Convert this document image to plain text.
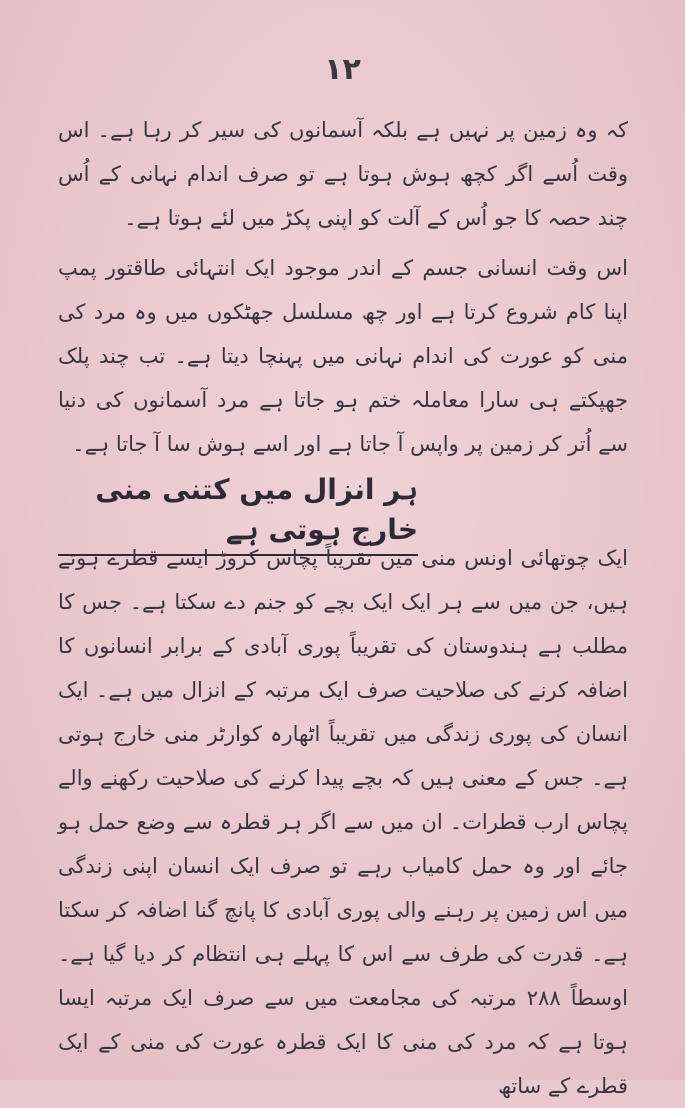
۱۲

کہ وہ زمین پر نہیں ہے بلکہ آسمانوں کی سیر کر رہا ہے۔ اس وقت اُسے اگر کچھ ہوش ہوتا ہے تو صرف اندام نہانی کے اُس چند حصہ کا جو اُس کے آلت کو اپنی پکڑ میں لئے ہوتا ہے۔

اس وقت انسانی جسم کے اندر موجود ایک انتہائی طاقتور پمپ اپنا کام شروع کرتا ہے اور چھ مسلسل جھٹکوں میں وہ مرد کی منی کو عورت کی اندام نہانی میں پہنچا دیتا ہے۔ تب چند پلک جھپکتے ہی سارا معاملہ ختم ہو جاتا ہے مرد آسمانوں کی دنیا سے اُتر کر زمین پر واپس آ جاتا ہے اور اسے ہوش سا آ جاتا ہے۔

ہر انزال میں کتنی منی خارج ہوتی ہے

ایک چوتھائی اونس منی میں تقریباً پچاس کروڑ ایسے قطرے ہوتے ہیں، جن میں سے ہر ایک ایک بچے کو جنم دے سکتا ہے۔ جس کا مطلب ہے ہندوستان کی تقریباً پوری آبادی کے برابر انسانوں کا اضافہ کرنے کی صلاحیت صرف ایک مرتبہ کے انزال میں ہے۔ ایک انسان کی پوری زندگی میں تقریباً اٹھارہ کوارٹر منی خارج ہوتی ہے۔ جس کے معنی ہیں کہ بچے پیدا کرنے کی صلاحیت رکھنے والے پچاس ارب قطرات۔ ان میں سے اگر ہر قطرہ سے وضع حمل ہو جائے اور وہ حمل کامیاب رہے تو صرف ایک انسان اپنی زندگی میں اس زمین پر رہنے والی پوری آبادی کا پانچ گنا اضافہ کر سکتا ہے۔ قدرت کی طرف سے اس کا پہلے ہی انتظام کر دیا گیا ہے۔ اوسطاً ۲۸۸ مرتبہ کی مجامعت میں سے صرف ایک مرتبہ ایسا ہوتا ہے کہ مرد کی منی کا ایک قطرہ عورت کی منی کے ایک قطرے کے ساتھ
